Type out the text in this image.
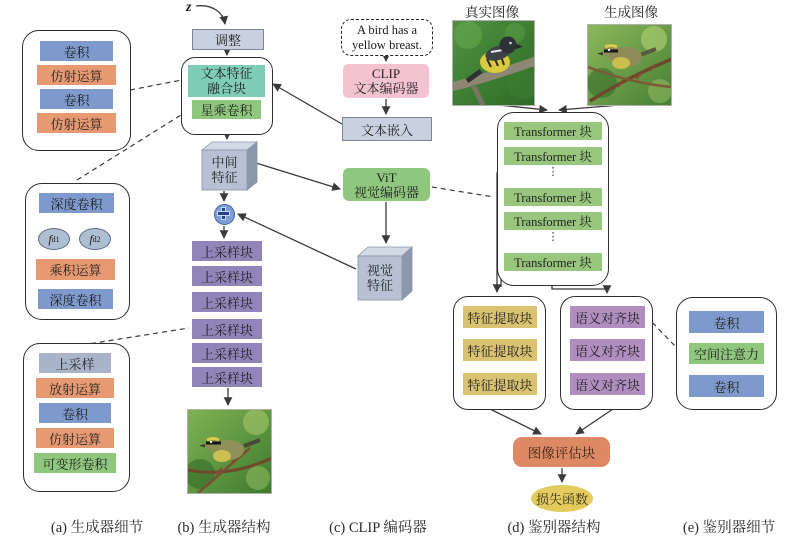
卷积
仿射运算
卷积
仿射运算
深度卷积
f d1 f d2
乘积运算
深度卷积
上采样
放射运算
卷积
仿射运算
可变形卷积
z
调整
文本特征
融合块
星乘卷积
中间
特征
上采样块
上采样块
上采样块
上采样块
上采样块
上采样块
A bird has a
yellow breast.
CLIP
文本编码器
文本嵌入
ViT
视觉编码器
视觉
特征
真实图像	生成图像
Transformer 块
Transformer 块
⋮
Transformer 块
Transformer 块
⋮
Transformer 块
特征提取块
特征提取块
特征提取块
语义对齐块
语义对齐块
语义对齐块
图像评估块
损失函数
卷积
空间注意力
卷积
(a) 生成器细节 (b) 生成器结构	(c) CLIP 编码器	(d) 鉴别器结构	(e) 鉴别器细节
